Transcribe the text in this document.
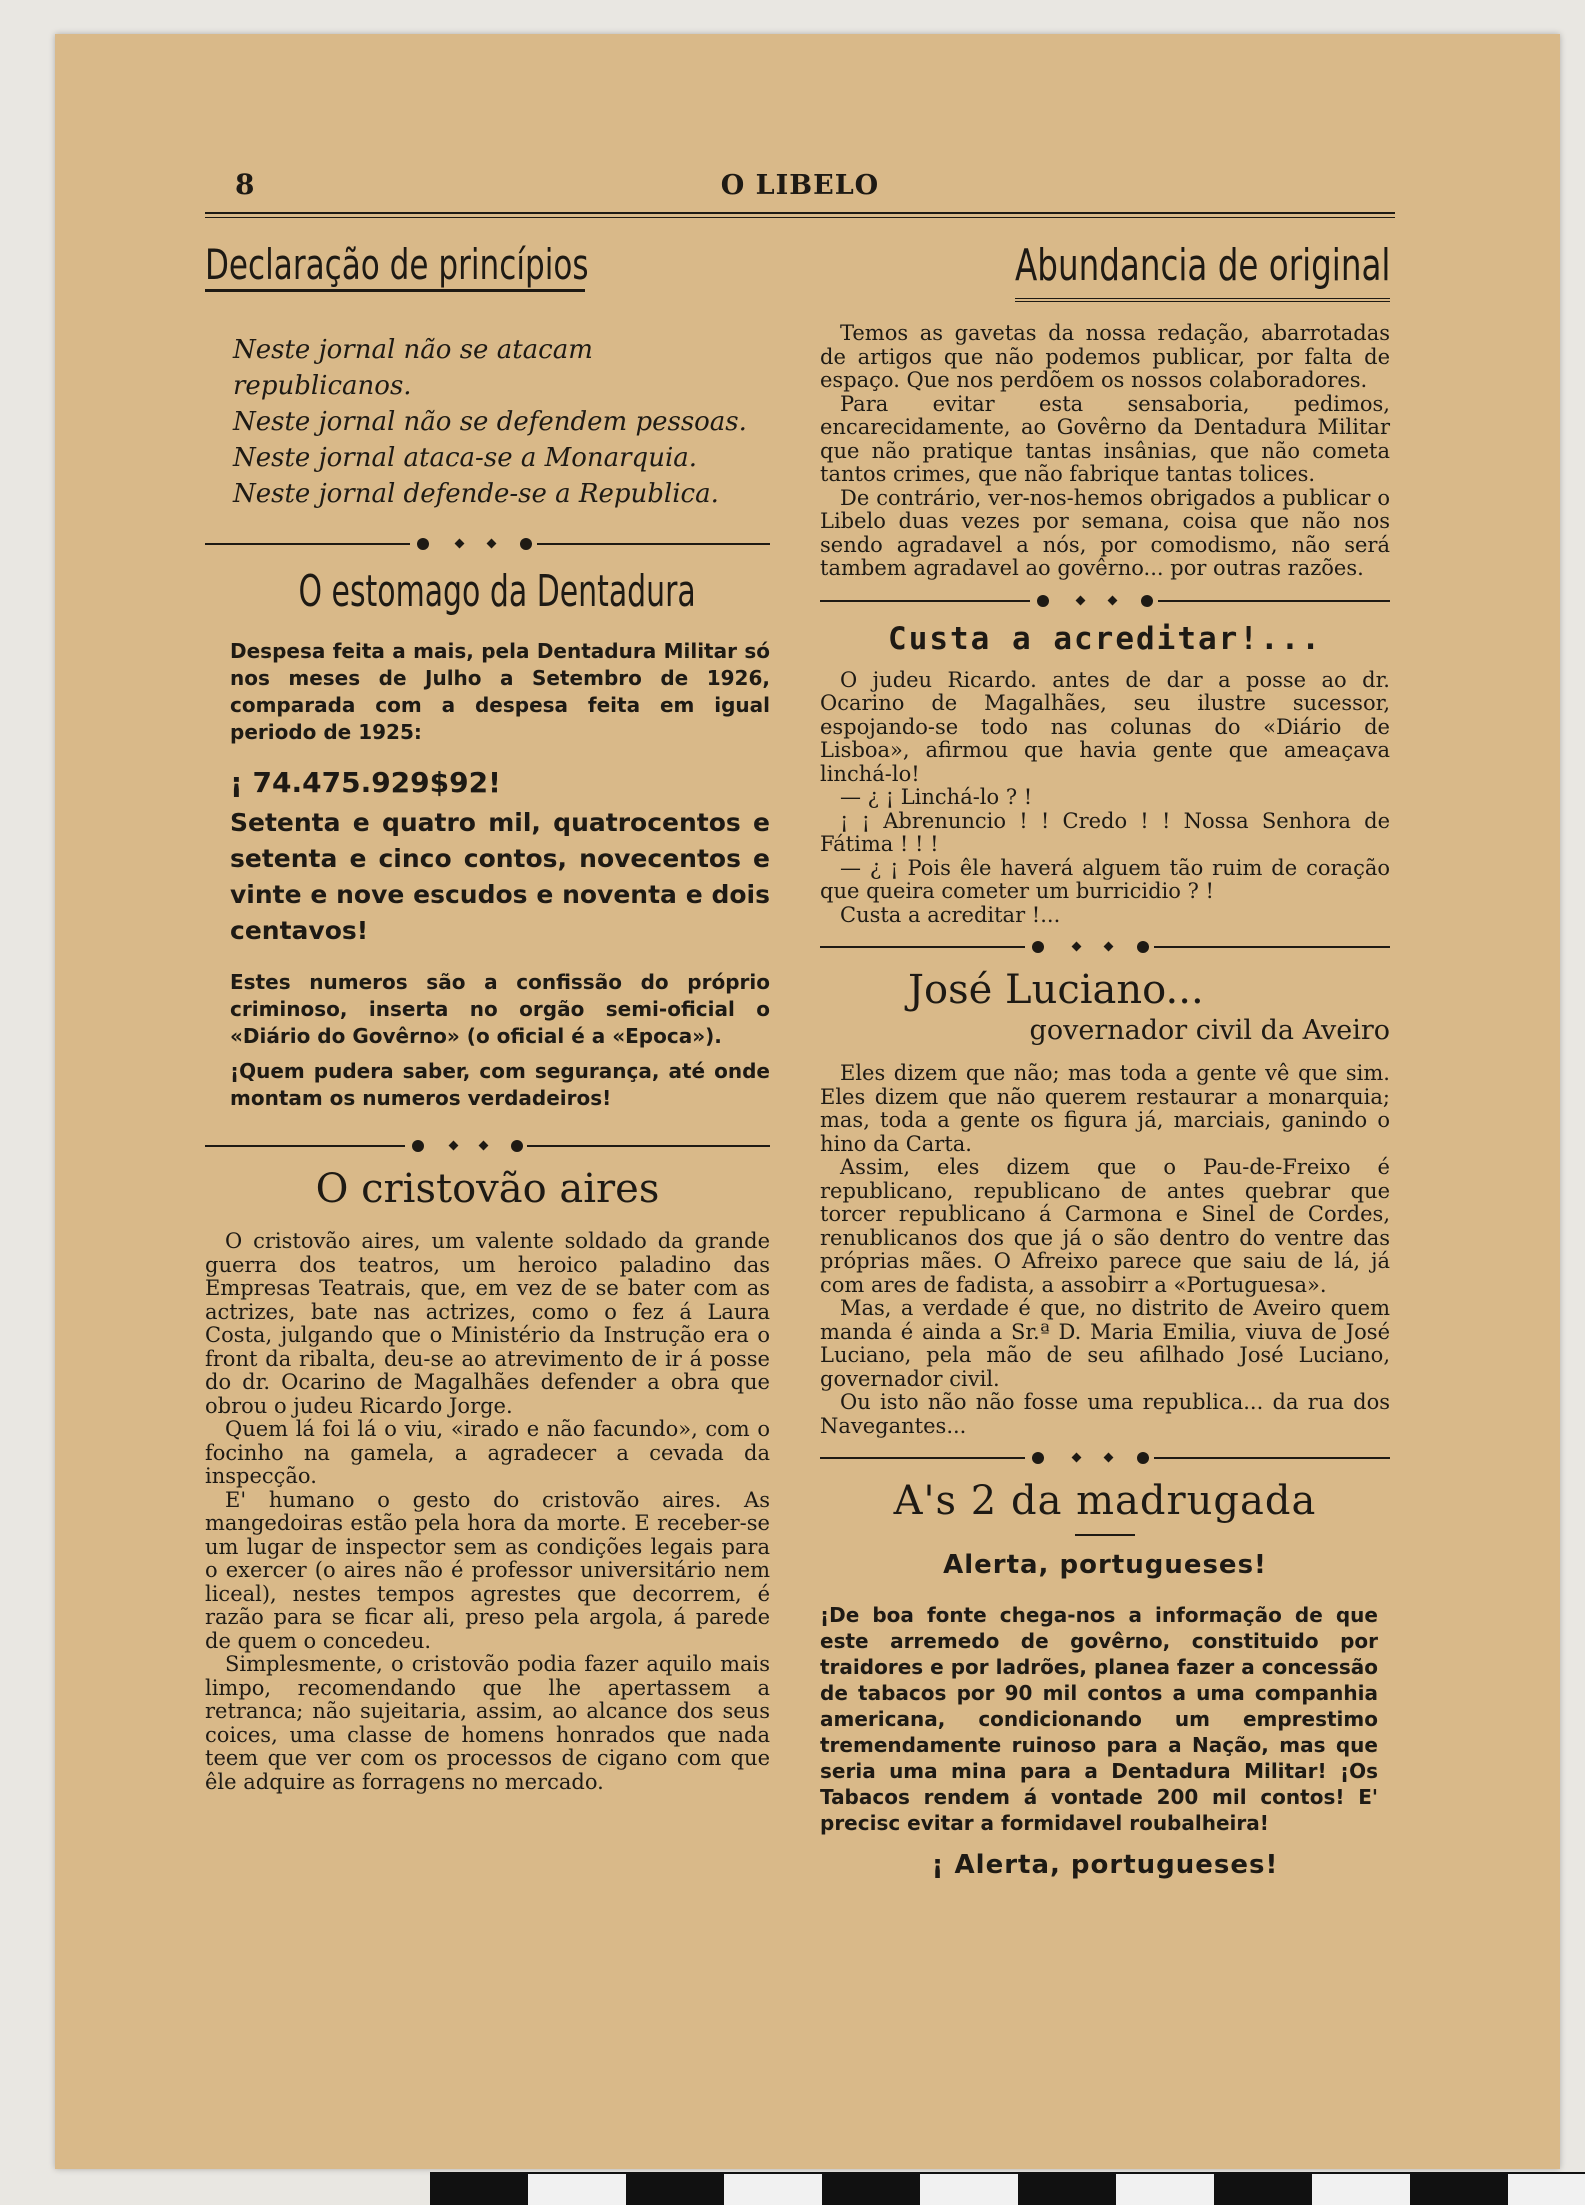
8	O LIBELO
Declaração de princípios
Neste jornal não se atacam republicanos.
Neste jornal não se defendem pessoas.
Neste jornal ataca-se a Monarquia.
Neste jornal defende-se a Republica.
O estomago da Dentadura
Despesa feita a mais, pela Dentadura Militar só nos meses de Julho a Setembro de 1926, comparada com a despesa feita em igual periodo de 1925:
¡ 74.475.929$92!
Setenta e quatro mil, quatrocentos e setenta e cinco contos, novecentos e vinte e nove escudos e noventa e dois centavos!
Estes numeros são a confissão do próprio criminoso, inserta no orgão semi-oficial o «Diário do Govêrno» (o oficial é a «Epoca»).
¡Quem pudera saber, com segurança, até onde montam os numeros verdadeiros!
O cristovão aires

O cristovão aires, um valente soldado da grande guerra dos teatros, um heroico paladino das Empresas Teatrais, que, em vez de se bater com as actrizes, bate nas actrizes, como o fez á Laura Costa, julgando que o Ministério da Instrução era o front da ribalta, deu-se ao atrevimento de ir á posse do dr. Ocarino de Magalhães defender a obra que obrou o judeu Ricardo Jorge.

Quem lá foi lá o viu, «irado e não facundo», com o focinho na gamela, a agradecer a cevada da inspecção.

E' humano o gesto do cristovão aires. As mangedoiras estão pela hora da morte. E receber-se um lugar de inspector sem as condições legais para o exercer (o aires não é professor universitário nem liceal), nestes tempos agrestes que decorrem, é razão para se ficar ali, preso pela argola, á parede de quem o concedeu.

Simplesmente, o cristovão podia fazer aquilo mais limpo, recomendando que lhe apertassem a retranca; não sujeitaria, assim, ao alcance dos seus coices, uma classe de homens honrados que nada teem que ver com os processos de cigano com que êle adquire as forragens no mercado.

Abundancia de original

Temos as gavetas da nossa redação, abarrotadas de artigos que não podemos publicar, por falta de espaço. Que nos perdõem os nossos colaboradores.

Para evitar esta sensaboria, pedimos, encarecidamente, ao Govêrno da Dentadura Militar que não pratique tantas insânias, que não cometa tantos crimes, que não fabrique tantas tolices.

De contrário, ver-nos-hemos obrigados a publicar o Libelo duas vezes por semana, coisa que não nos sendo agradavel a nós, por comodismo, não será tambem agradavel ao govêrno... por outras razões.

Custa a acreditar!...

O judeu Ricardo. antes de dar a posse ao dr. Ocarino de Magalhães, seu ilustre sucessor, espojando-se todo nas colunas do «Diário de Lisboa», afirmou que havia gente que ameaçava linchá-lo!

— ¿ ¡ Linchá-lo ? !

¡ ¡ Abrenuncio ! ! Credo ! ! Nossa Senhora de Fátima ! ! !

— ¿ ¡ Pois êle haverá alguem tão ruim de coração que queira cometer um burricidio ? !

Custa a acreditar !...

José Luciano...
governador civil da Aveiro

Eles dizem que não; mas toda a gente vê que sim. Eles dizem que não querem restaurar a monarquia; mas, toda a gente os figura já, marciais, ganindo o hino da Carta.

Assim, eles dizem que o Pau-de-Freixo é republicano, republicano de antes quebrar que torcer republicano á Carmona e Sinel de Cordes, renublicanos dos que já o são dentro do ventre das próprias mães. O Afreixo parece que saiu de lá, já com ares de fadista, a assobirr a «Portuguesa».

Mas, a verdade é que, no distrito de Aveiro quem manda é ainda a Sr.ª D. Maria Emilia, viuva de José Luciano, pela mão de seu afilhado José Luciano, governador civil.

Ou isto não não fosse uma republica... da rua dos Navegantes...

A's 2 da madrugada
Alerta, portugueses!
¡De boa fonte chega-nos a informação de que este arremedo de govêrno, constituido por traidores e por ladrões, planea fazer a concessão de tabacos por 90 mil contos a uma companhia americana, condicionando um emprestimo tremendamente ruinoso para a Nação, mas que seria uma mina para a Dentadura Militar! ¡Os Tabacos rendem á vontade 200 mil contos! E' precisc evitar a formidavel roubalheira!
¡ Alerta, portugueses!
